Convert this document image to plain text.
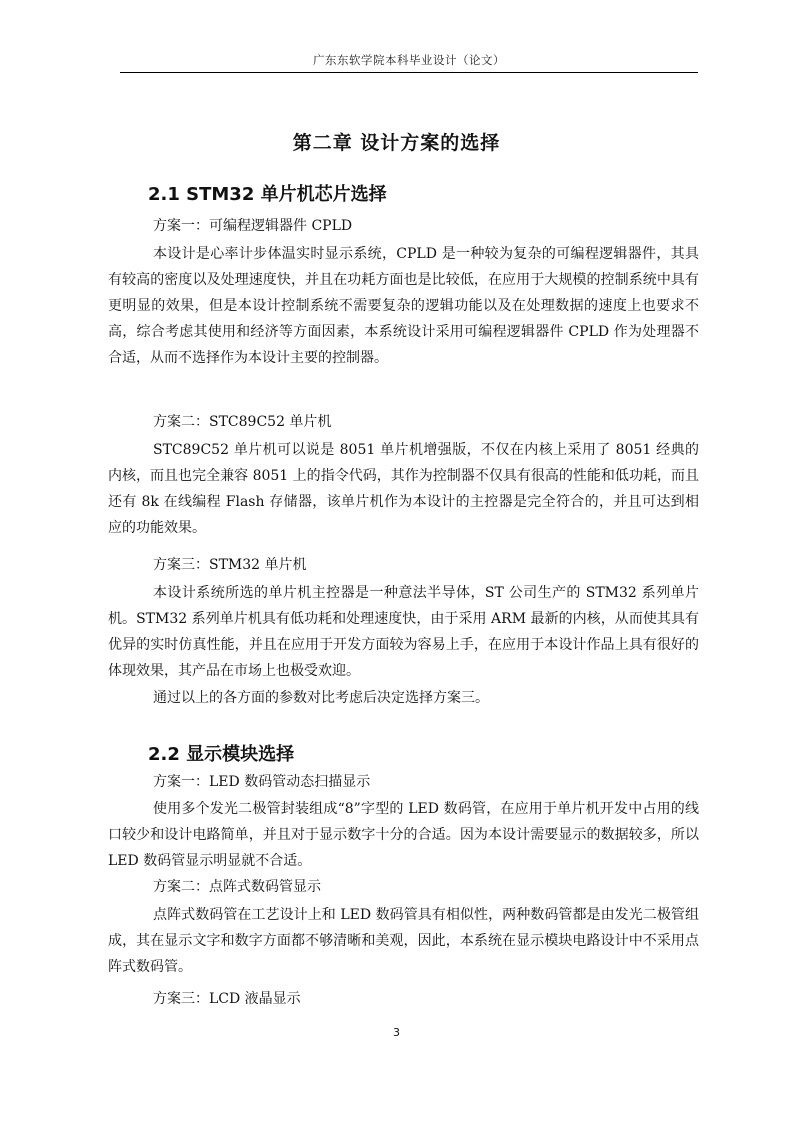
广东东软学院本科毕业设计（论文）
第二章 设计方案的选择
2.1 STM32 单片机芯片选择
方案一：可编程逻辑器件 CPLD
本设计是心率计步体温实时显示系统，CPLD 是一种较为复杂的可编程逻辑器件，其具有较高的密度以及处理速度快，并且在功耗方面也是比较低，在应用于大规模的控制系统中具有更明显的效果，但是本设计控制系统不需要复杂的逻辑功能以及在处理数据的速度上也要求不高，综合考虑其使用和经济等方面因素，本系统设计采用可编程逻辑器件 CPLD 作为处理器不合适，从而不选择作为本设计主要的控制器。
方案二：STC89C52 单片机
STC89C52 单片机可以说是 8051 单片机增强版，不仅在内核上采用了 8051 经典的内核，而且也完全兼容 8051 上的指令代码，其作为控制器不仅具有很高的性能和低功耗，而且还有 8k 在线编程 Flash 存储器，该单片机作为本设计的主控器是完全符合的，并且可达到相应的功能效果。
方案三：STM32 单片机
本设计系统所选的单片机主控器是一种意法半导体，ST 公司生产的 STM32 系列单片机。STM32 系列单片机具有低功耗和处理速度快，由于采用 ARM 最新的内核，从而使其具有优异的实时仿真性能，并且在应用于开发方面较为容易上手，在应用于本设计作品上具有很好的体现效果，其产品在市场上也极受欢迎。
通过以上的各方面的参数对比考虑后决定选择方案三。
2.2 显示模块选择
方案一：LED 数码管动态扫描显示
使用多个发光二极管封装组成“8”字型的 LED 数码管，在应用于单片机开发中占用的线口较少和设计电路简单，并且对于显示数字十分的合适。因为本设计需要显示的数据较多，所以 LED 数码管显示明显就不合适。
方案二：点阵式数码管显示
点阵式数码管在工艺设计上和 LED 数码管具有相似性，两种数码管都是由发光二极管组成，其在显示文字和数字方面都不够清晰和美观，因此，本系统在显示模块电路设计中不采用点阵式数码管。
方案三：LCD 液晶显示
3
